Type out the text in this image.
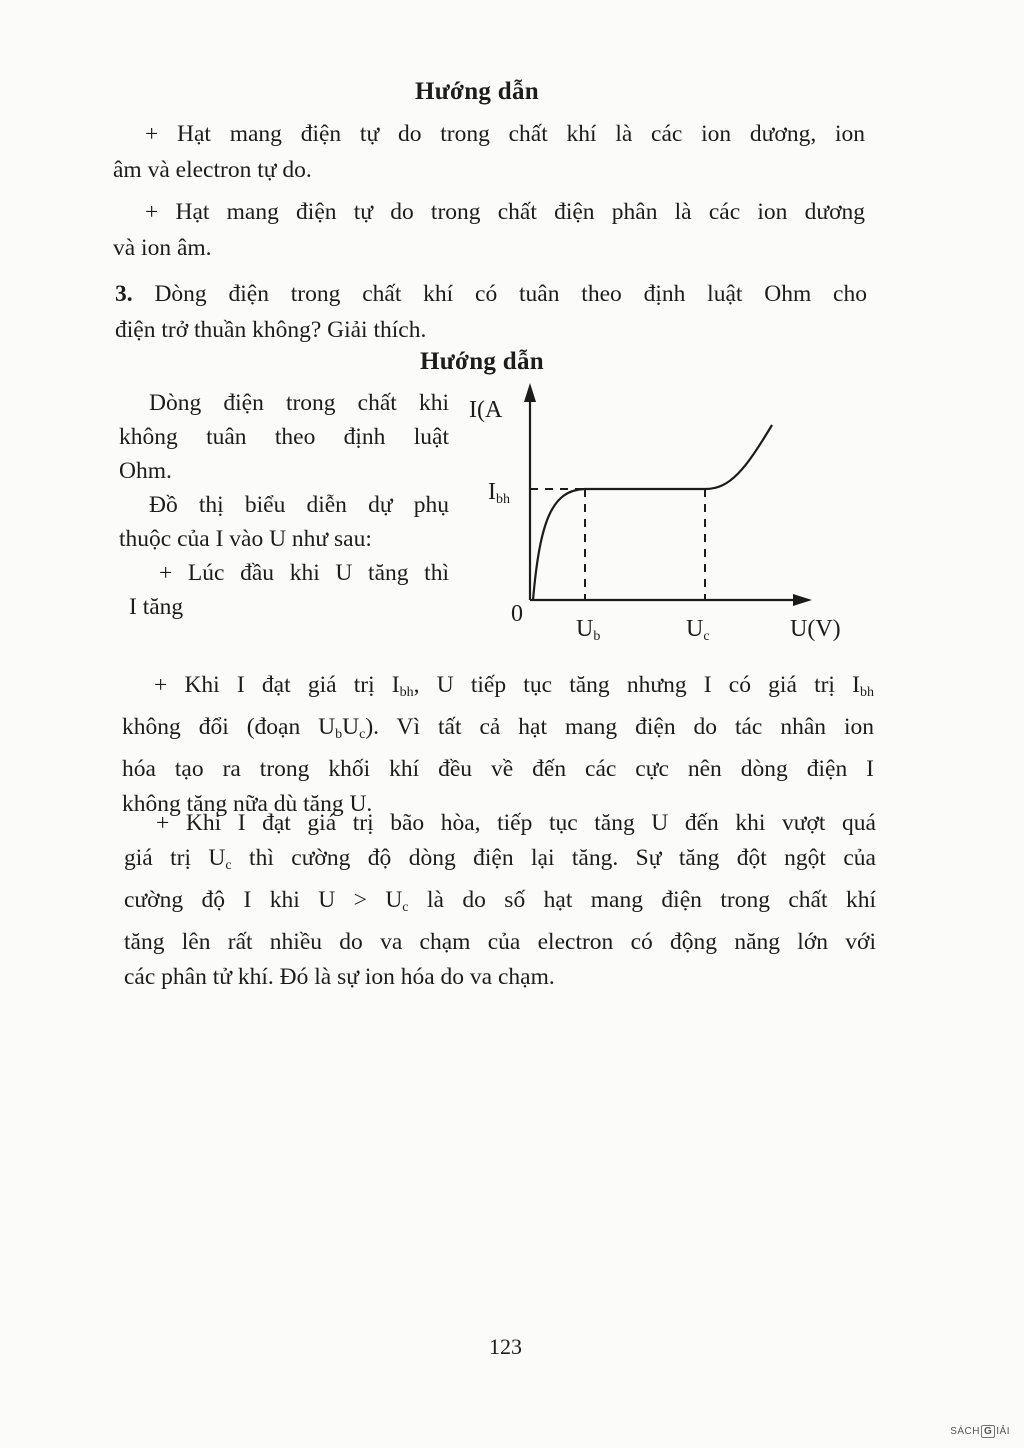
Hướng dẫn
+ Hạt mang điện tự do trong chất khí là các ion dương, ion
âm và electron tự do.
+ Hạt mang điện tự do trong chất điện phân là các ion dương
và ion âm.
3. Dòng điện trong chất khí có tuân theo định luật Ohm cho
điện trở thuần không? Giải thích.
Hướng dẫn
Dòng điện trong chất khi
không tuân theo định luật
Ohm.
Đồ thị biểu diễn dự phụ
thuộc của I vào U như sau:
+ Lúc đầu khi U tăng thì
I tăng
I(A
$I_{bh}$
0
$U_b$	$U_c$	U(V)
+ Khi I đạt giá trị $I_{bh}$, U tiếp tục tăng nhưng I có giá trị $I_{bh}$
không đổi (đoạn $U_bU_c$). Vì tất cả hạt mang điện do tác nhân ion
hóa tạo ra trong khối khí đều về đến các cực nên dòng điện I
không tăng nữa dù tăng U.
+ Khi I đạt giá trị bão hòa, tiếp tục tăng U đến khi vượt quá
giá trị $U_c$ thì cường độ dòng điện lại tăng. Sự tăng đột ngột của
cường độ I khi $U > U_c$ là do số hạt mang điện trong chất khí
tăng lên rất nhiều do va chạm của electron có động năng lớn với
các phân tử khí. Đó là sự ion hóa do va chạm.
123
SÁCH G IẢI
